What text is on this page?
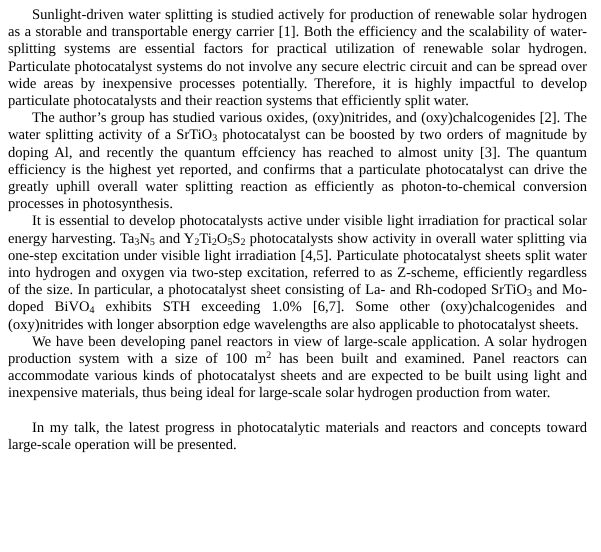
Sunlight-driven water splitting is studied actively for production of renewable solar hydrogen as a storable and transportable energy carrier [1]. Both the efficiency and the scalability of water-splitting systems are essential factors for practical utilization of renewable solar hydrogen. Particulate photocatalyst systems do not involve any secure electric circuit and can be spread over wide areas by inexpensive processes potentially. Therefore, it is highly impactful to develop particulate photocatalysts and their reaction systems that efficiently split water.

The author’s group has studied various oxides, (oxy)nitrides, and (oxy)chalcogenides [2]. The water splitting activity of a SrTiO$_3$ photocatalyst can be boosted by two orders of magnitude by doping Al, and recently the quantum effciency has reached to almost unity [3]. The quantum efficiency is the highest yet reported, and confirms that a particulate photocatalyst can drive the greatly uphill overall water splitting reaction as efficiently as photon-to-chemical conversion processes in photosynthesis.

It is essential to develop photocatalysts active under visible light irradiation for practical solar energy harvesting. $Ta_3N_5$ and $Y_2Ti_2O_5S_2$ photocatalysts show activity in overall water splitting via one-step excitation under visible light irradiation [4,5]. Particulate photocatalyst sheets split water into hydrogen and oxygen via two-step excitation, referred to as Z-scheme, efficiently regardless of the size. In particular, a photocatalyst sheet consisting of La- and Rh-codoped SrTiO$_3$ and Mo-doped BiVO$_4$ exhibits STH exceeding 1.0% [6,7]. Some other (oxy)chalcogenides and (oxy)nitrides with longer absorption edge wavelengths are also applicable to photocatalyst sheets.

We have been developing panel reactors in view of large-scale application. A solar hydrogen production system with a size of 100 $m^2$ has been built and examined. Panel reactors can accommodate various kinds of photocatalyst sheets and are expected to be built using light and inexpensive materials, thus being ideal for large-scale solar hydrogen production from water.

In my talk, the latest progress in photocatalytic materials and reactors and concepts toward large-scale operation will be presented.
